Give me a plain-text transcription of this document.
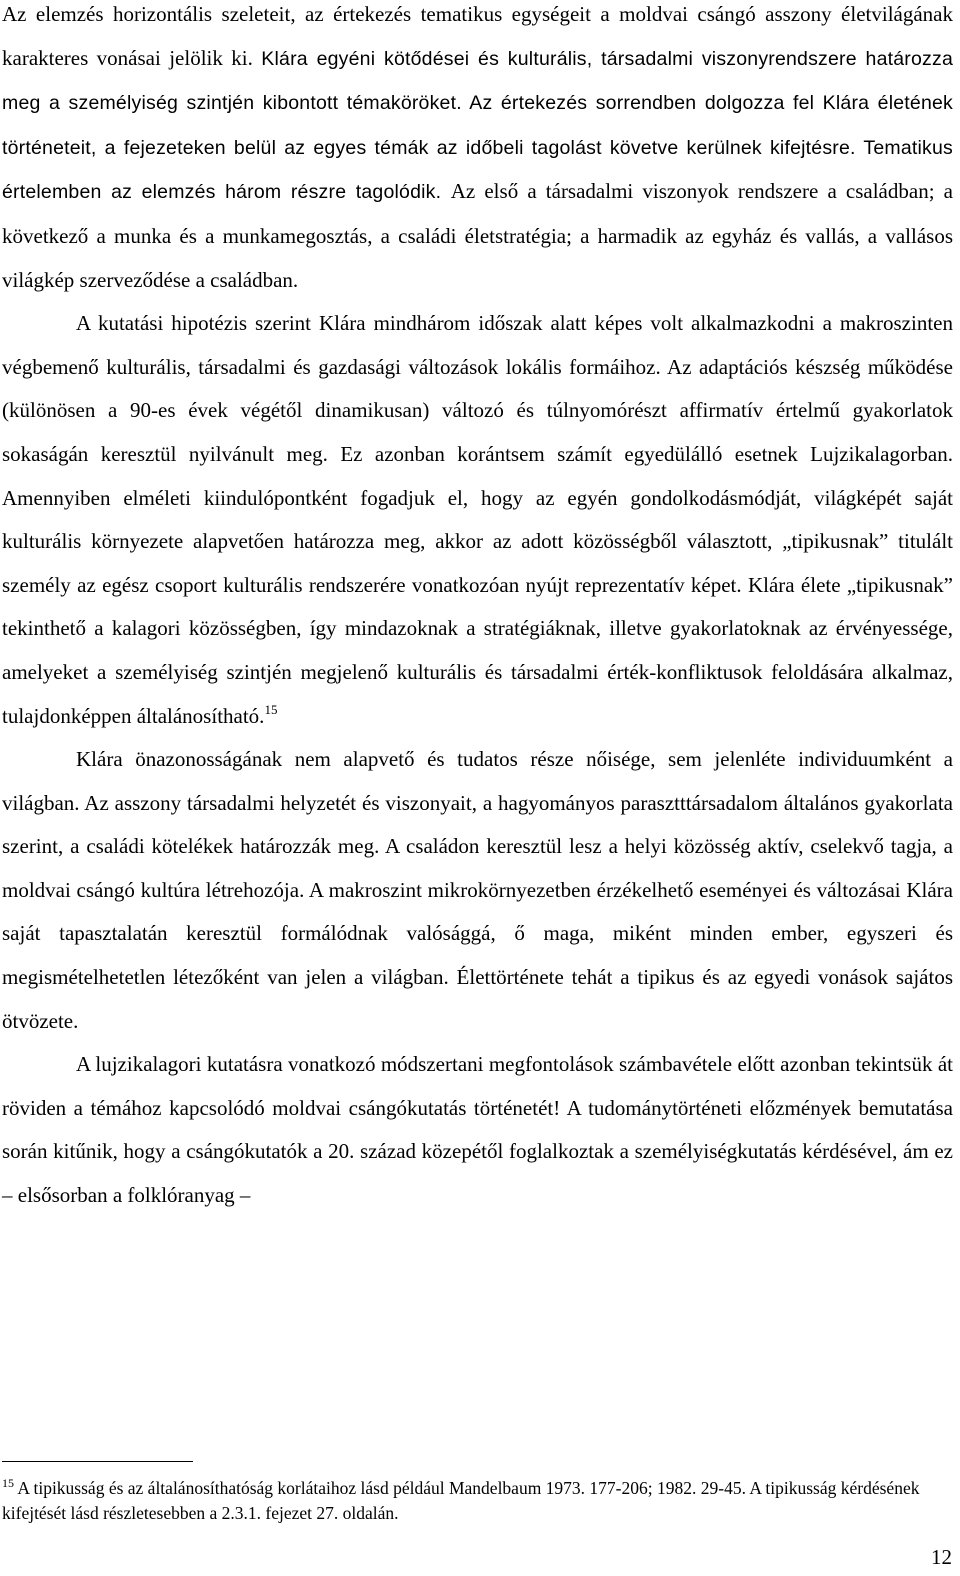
Az elemzés horizontális szeleteit, az értekezés tematikus egységeit a moldvai csángó asszony életvilágának karakteres vonásai jelölik ki. Klára egyéni kötődései és kulturális, társadalmi viszonyrendszere határozza meg a személyiség szintjén kibontott témaköröket. Az értekezés sorrendben dolgozza fel Klára életének történeteit, a fejezeteken belül az egyes témák az időbeli tagolást követve kerülnek kifejtésre. Tematikus értelemben az elemzés három részre tagolódik. Az első a társadalmi viszonyok rendszere a családban; a következő a munka és a munkamegosztás, a családi életstratégia; a harmadik az egyház és vallás, a vallásos világkép szerveződése a családban.

A kutatási hipotézis szerint Klára mindhárom időszak alatt képes volt alkalmazkodni a makroszinten végbemenő kulturális, társadalmi és gazdasági változások lokális formáihoz. Az adaptációs készség működése (különösen a 90-es évek végétől dinamikusan) változó és túlnyomórészt affirmatív értelmű gyakorlatok sokaságán keresztül nyilvánult meg. Ez azonban korántsem számít egyedülálló esetnek Lujzikalagorban. Amennyiben elméleti kiindulópontként fogadjuk el, hogy az egyén gondolkodásmódját, világképét saját kulturális környezete alapvetően határozza meg, akkor az adott közösségből választott, „tipikusnak” titulált személy az egész csoport kulturális rendszerére vonatkozóan nyújt reprezentatív képet. Klára élete „tipikusnak” tekinthető a kalagori közösségben, így mindazoknak a stratégiáknak, illetve gyakorlatoknak az érvényessége, amelyeket a személyiség szintjén megjelenő kulturális és társadalmi érték-konfliktusok feloldására alkalmaz, tulajdonképpen általánosítható.$^{15}$

Klára önazonosságának nem alapvető és tudatos része nőisége, sem jelenléte individuumként a világban. Az asszony társadalmi helyzetét és viszonyait, a hagyományos parasztttársadalom általános gyakorlata szerint, a családi kötelékek határozzák meg. A családon keresztül lesz a helyi közösség aktív, cselekvő tagja, a moldvai csángó kultúra létrehozója. A makroszint mikrokörnyezetben érzékelhető eseményei és változásai Klára saját tapasztalatán keresztül formálódnak valósággá, ő maga, miként minden ember, egyszeri és megismételhetetlen létezőként van jelen a világban. Élettörténete tehát a tipikus és az egyedi vonások sajátos ötvözete.

A lujzikalagori kutatásra vonatkozó módszertani megfontolások számbavétele előtt azonban tekintsük át röviden a témához kapcsolódó moldvai csángókutatás történetét! A tudománytörténeti előzmények bemutatása során kitűnik, hogy a csángókutatók a 20. század közepétől foglalkoztak a személyiségkutatás kérdésével, ám ez – elsősorban a folklóranyag –

$^{15}$ A tipikusság és az általánosíthatóság korlátaihoz lásd például Mandelbaum 1973. 177-206; 1982. 29-45. A tipikusság kérdésének kifejtését lásd részletesebben a 2.3.1. fejezet 27. oldalán.

12
